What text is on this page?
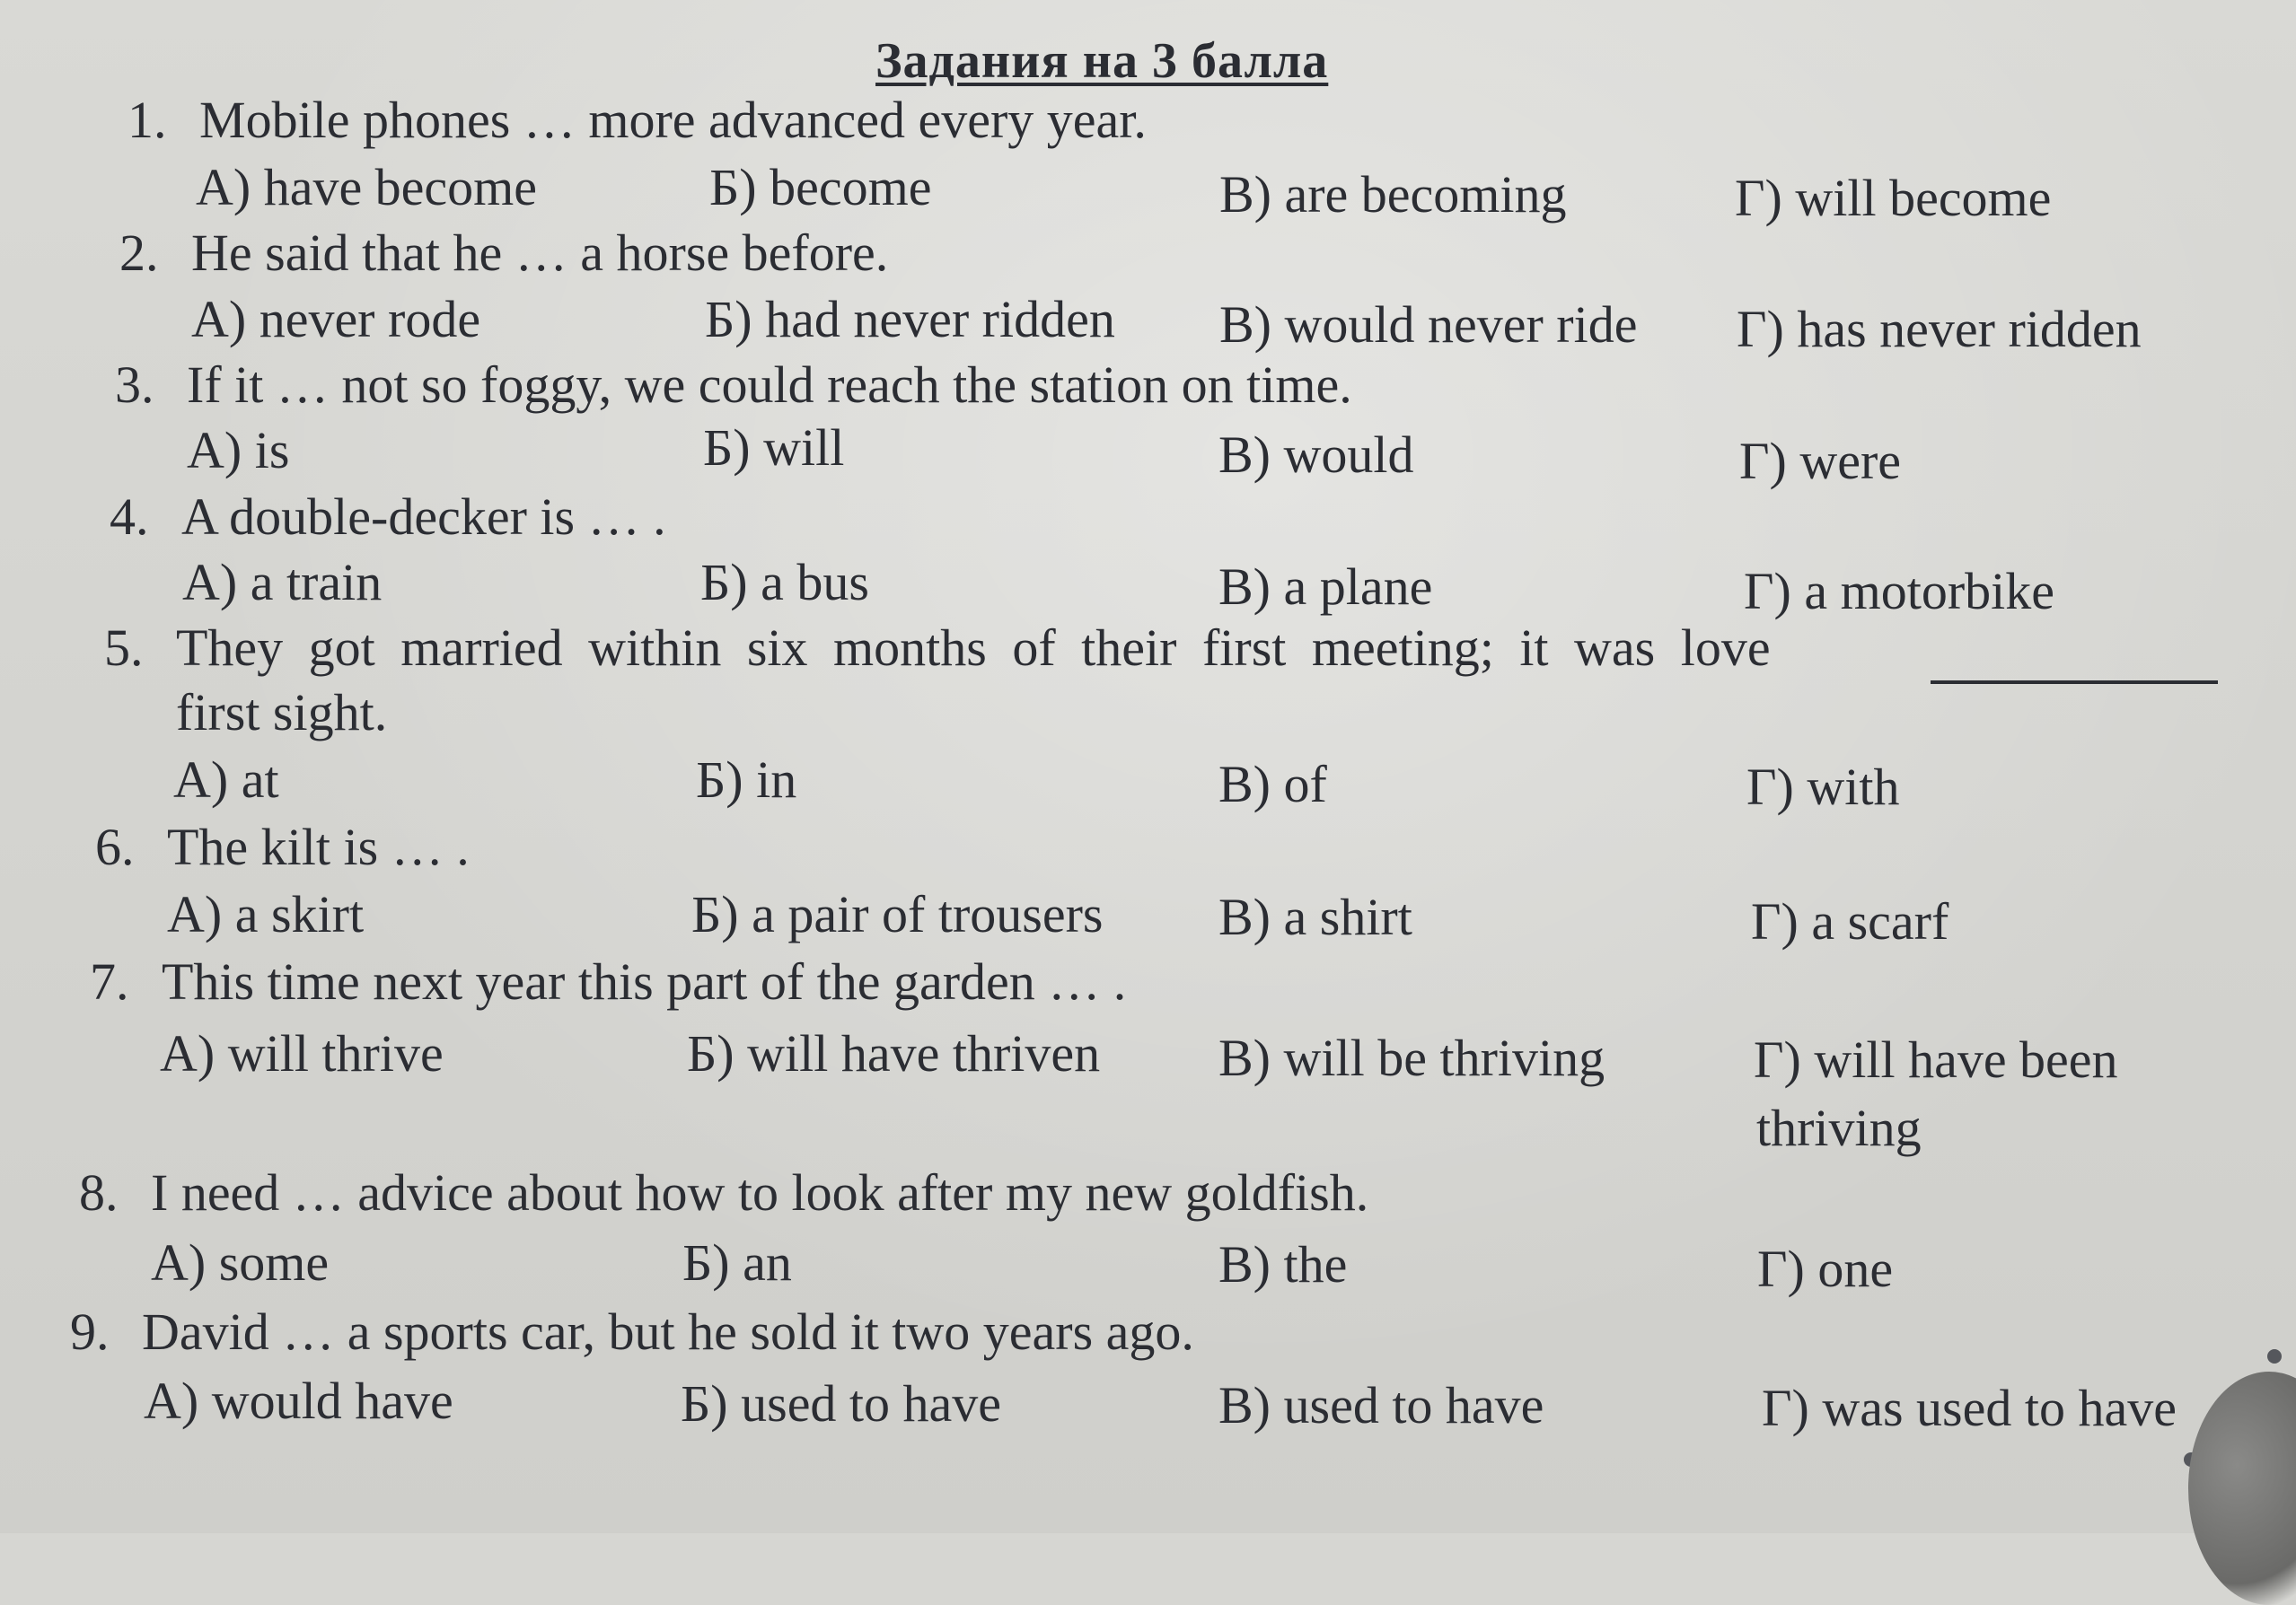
Задания на 3 балла
1. Mobile phones … more advanced every year.
А) have become	Б) become	В) are becoming	Г) will become
2. He said that he … a horse before.
А) never rode	Б) had never ridden В) would never ride Г) has never ridden
3. If it … not so foggy, we could reach the station on time.
А) is	Б) will	В) would	Г) were
4. A double-decker is … .
А) a train	Б) a bus	В) a plane	Г) a motorbike
5. They got married within six months of their first meeting; it was love
first sight.
А) at	Б) in	В) of	Г) with
6. The kilt is … .
А) a skirt	Б) a pair of trousers В) a shirt	Г) a scarf
7. This time next year this part of the garden … .
А) will thrive	Б) will have thriven В) will be thriving	Г) will have been
thriving
8. I need … advice about how to look after my new goldfish.
А) some	Б) an	В) the	Г) one
9. David … a sports car, but he sold it two years ago.
А) would have	Б) used to have	В) used to have	Г) was used to have
